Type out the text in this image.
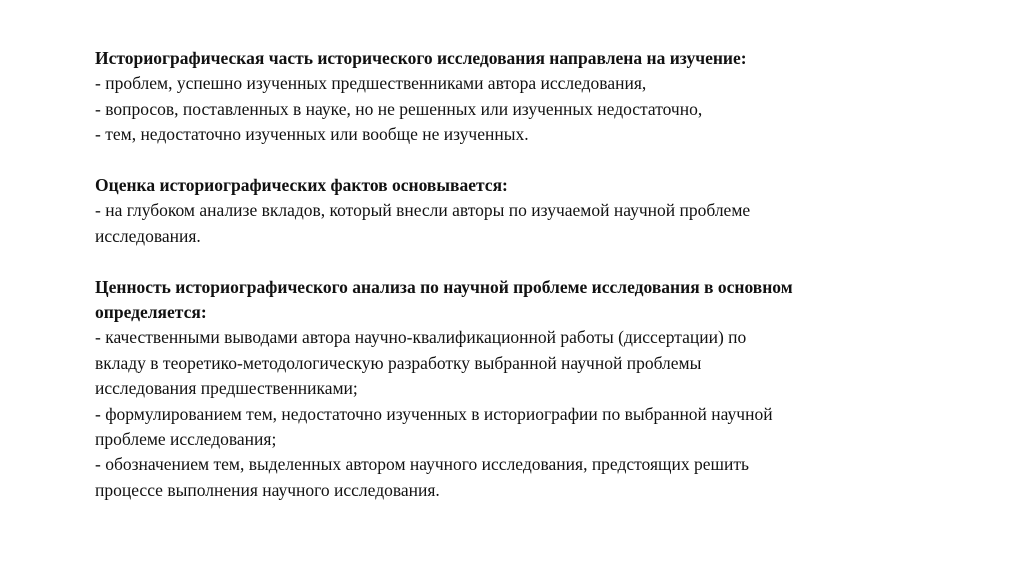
Историографическая часть исторического исследования направлена на изучение:
- проблем, успешно изученных предшественниками автора исследования,
- вопросов, поставленных в науке, но не решенных или изученных недостаточно,
- тем, недостаточно изученных или вообще не изученных.
Оценка историографических фактов основывается:
- на глубоком анализе вкладов, который внесли авторы по изучаемой научной проблеме
исследования.
Ценность историографического анализа по научной проблеме исследования в основном
определяется:
- качественными выводами автора научно-квалификационной работы (диссертации) по
вкладу в теоретико-методологическую разработку выбранной научной проблемы
исследования предшественниками;
- формулированием тем, недостаточно изученных в историографии по выбранной научной
проблеме исследования;
- обозначением тем, выделенных автором научного исследования, предстоящих решить
процессе выполнения научного исследования.
